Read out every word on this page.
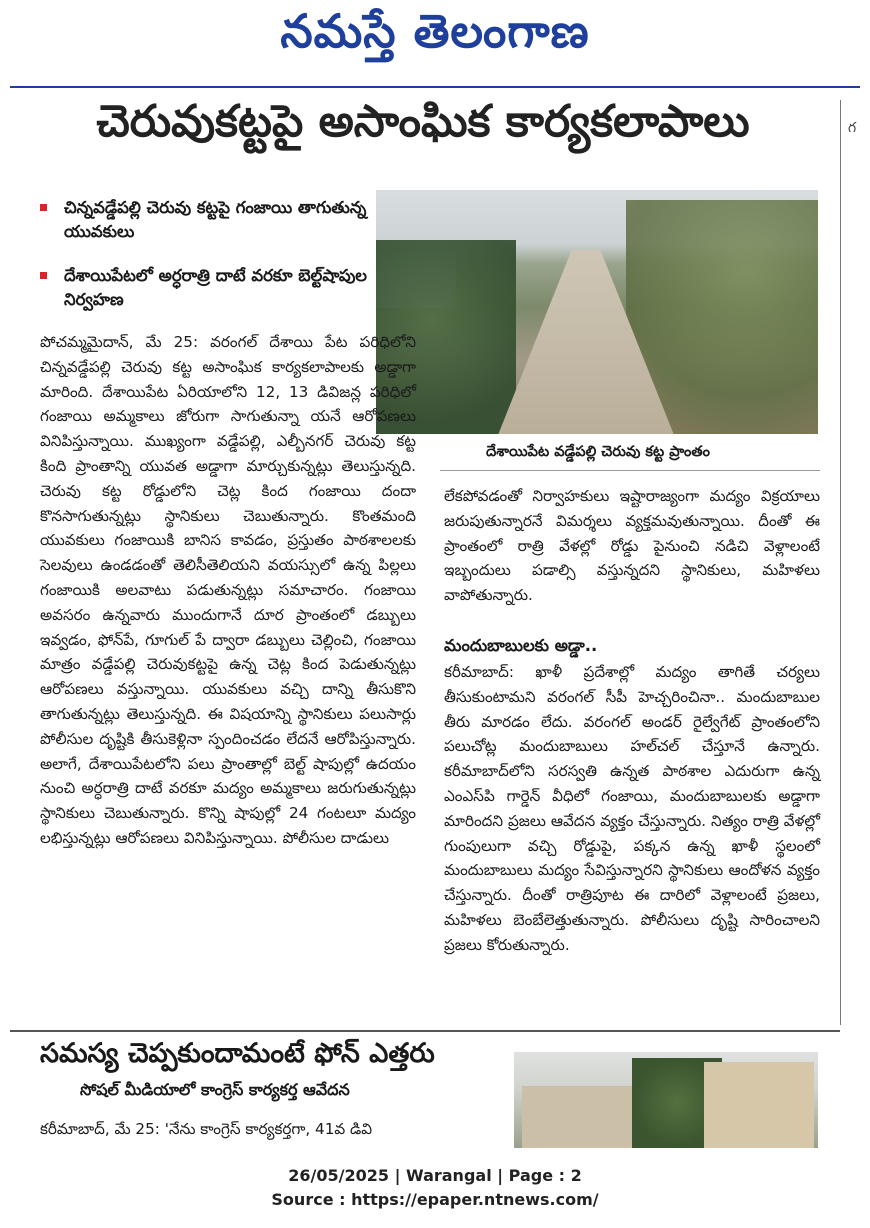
నమస్తే తెలంగాణ
చెరువుకట్టపై అసాంఘిక కార్యకలాపాలు	గ
చిన్నవడ్డేపల్లి చెరువు కట్టపై గంజాయి తాగుతున్న యువకులు
దేశాయిపేటలో అర్ధరాత్రి దాటే వరకూ బెల్ట్‌షాపుల నిర్వహణ
దేశాయిపేట వడ్డేపల్లి చెరువు కట్ట ప్రాంతం
పోచమ్మమైదాన్, మే 25: వరంగల్ దేశాయి పేట పరిధిలోని చిన్నవడ్డేపల్లి చెరువు కట్ట అసాంఘిక కార్యకలాపాలకు అడ్డాగా మారింది. దేశాయిపేట ఏరియాలోని 12, 13 డివిజన్ల పరిధిలో గంజాయి అమ్మకాలు జోరుగా సాగుతున్నా యనే ఆరోపణలు వినిపిస్తున్నాయి. ముఖ్యంగా వడ్డేపల్లి, ఎల్బీనగర్ చెరువు కట్ట కింది ప్రాంతాన్ని యువత అడ్డాగా మార్చుకున్నట్లు తెలుస్తున్నది. చెరువు కట్ట రోడ్డులోని చెట్ల కింద గంజాయి దందా కొనసాగుతున్నట్లు స్థానికులు చెబుతున్నారు. కొంతమంది యువకులు గంజాయికి బానిస కావడం, ప్రస్తుతం పాఠశాలలకు సెలవులు ఉండడంతో తెలిసీతెలియని వయస్సులో ఉన్న పిల్లలు గంజాయికి అలవాటు పడుతున్నట్లు సమాచారం. గంజాయి అవసరం ఉన్నవారు ముందుగానే దూర ప్రాంతంలో డబ్బులు ఇవ్వడం, ఫోన్‌పే, గూగుల్ పే ద్వారా డబ్బులు చెల్లించి, గంజాయి మాత్రం వడ్డేపల్లి చెరువుకట్టపై ఉన్న చెట్ల కింద పెడుతున్నట్లు ఆరోపణలు వస్తున్నాయి. యువకులు వచ్చి దాన్ని తీసుకొని తాగుతున్నట్లు తెలుస్తున్నది. ఈ విషయాన్ని స్థానికులు పలుసార్లు పోలీసుల దృష్టికి తీసుకెళ్లినా స్పందించడం లేదనే ఆరోపిస్తున్నారు. అలాగే, దేశాయిపేటలోని పలు ప్రాంతాల్లో బెల్ట్ షాపుల్లో ఉదయం నుంచి అర్ధరాత్రి దాటే వరకూ మద్యం అమ్మకాలు జరుగుతున్నట్లు స్థానికులు చెబుతున్నారు. కొన్ని షాపుల్లో 24 గంటలూ మద్యం లభిస్తున్నట్లు ఆరోపణలు వినిపిస్తున్నాయి. పోలీసుల దాడులు
లేకపోవడంతో నిర్వాహకులు ఇష్టారాజ్యంగా మద్యం విక్రయాలు జరుపుతున్నారనే విమర్శలు వ్యక్తమవుతున్నాయి. దీంతో ఈ ప్రాంతంలో రాత్రి వేళల్లో రోడ్డు పైనుంచి నడిచి వెళ్లాలంటే ఇబ్బందులు పడాల్సి వస్తున్నదని స్థానికులు, మహిళలు వాపోతున్నారు.
మందుబాబులకు అడ్డా..
కరీమాబాద్: ఖాళీ ప్రదేశాల్లో మద్యం తాగితే చర్యలు తీసుకుంటామని వరంగల్ సీపీ హెచ్చరించినా.. మందుబాబుల తీరు మారడం లేదు. వరంగల్ అండర్ రైల్వేగేట్ ప్రాంతంలోని పలుచోట్ల మందుబాబులు హల్‌చల్ చేస్తూనే ఉన్నారు. కరీమాబాద్‌లోని సరస్వతి ఉన్నత పాఠశాల ఎదురుగా ఉన్న ఎంఎస్‌పి గార్డెన్ వీధిలో గంజాయి, మందుబాబులకు అడ్డాగా మారిందని ప్రజలు ఆవేదన వ్యక్తం చేస్తున్నారు. నిత్యం రాత్రి వేళల్లో గుంపులుగా వచ్చి రోడ్డుపై, పక్కన ఉన్న ఖాళీ స్థలంలో మందుబాబులు మద్యం సేవిస్తున్నారని స్థానికులు ఆందోళన వ్యక్తం చేస్తున్నారు. దీంతో రాత్రిపూట ఈ దారిలో వెళ్లాలంటే ప్రజలు, మహిళలు బెంబేలెత్తుతున్నారు. పోలీసులు దృష్టి సారించాలని ప్రజలు కోరుతున్నారు.
సమస్య చెప్పకుందామంటే ఫోన్ ఎత్తరు
సోషల్ మీడియాలో కాంగ్రెస్ కార్యకర్త ఆవేదన
కరీమాబాద్, మే 25: 'నేను కాంగ్రెస్ కార్యకర్తగా, 41వ డివి
26/05/2025 | Warangal | Page : 2
Source : https://epaper.ntnews.com/
